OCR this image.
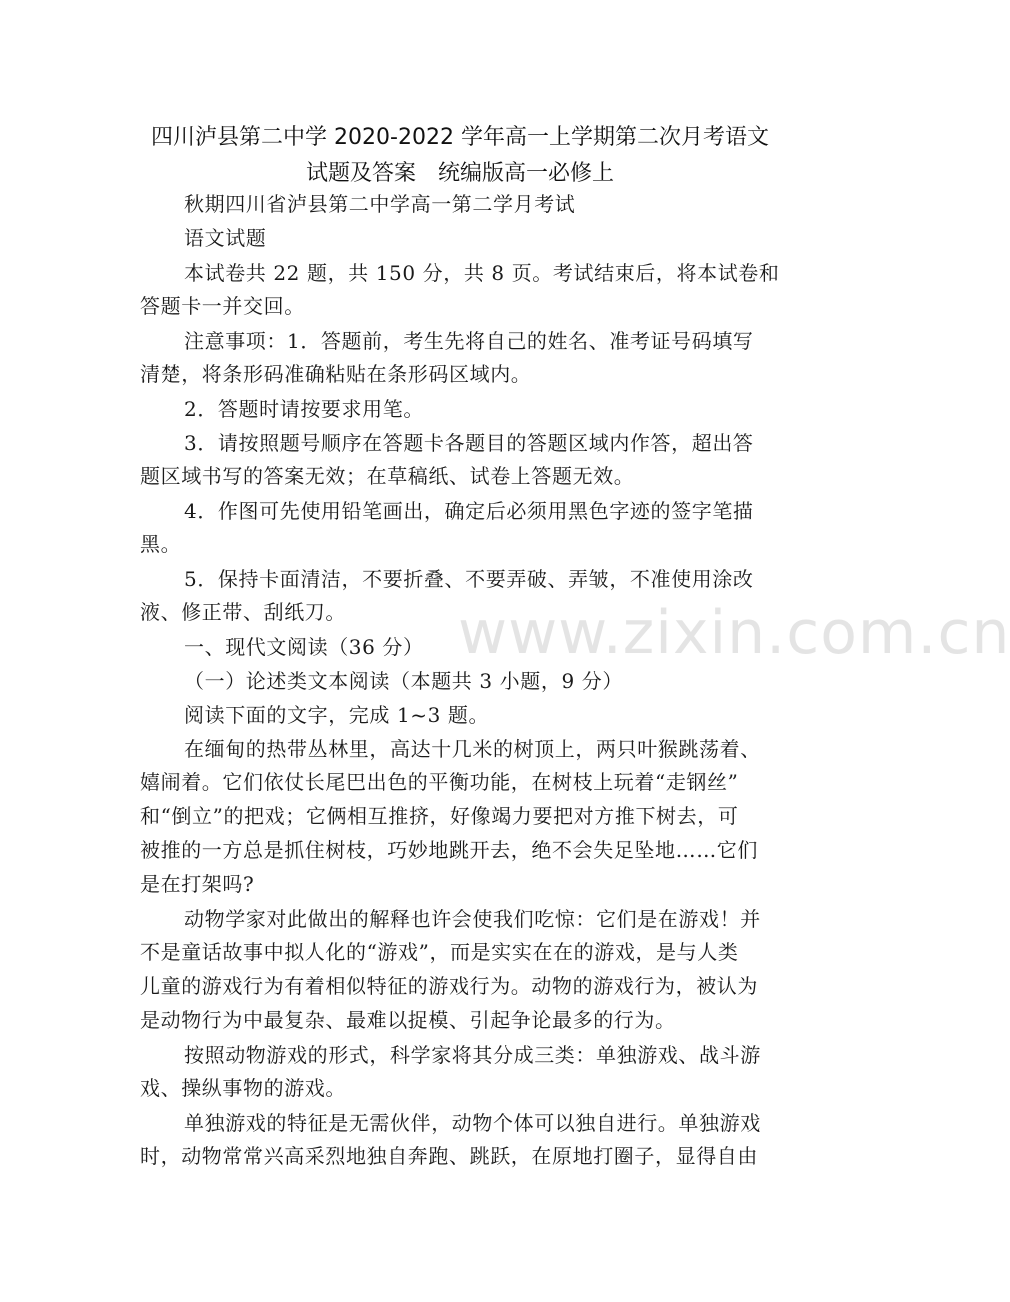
四川泸县第二中学 2020-2022 学年高一上学期第二次月考语文
试题及答案　统编版高一必修上
秋期四川省泸县第二中学高一第二学月考试
语文试题
本试卷共 22 题，共 150 分，共 8 页。考试结束后，将本试卷和
答题卡一并交回。
注意事项：1．答题前，考生先将自己的姓名、准考证号码填写
清楚，将条形码准确粘贴在条形码区域内。
2．答题时请按要求用笔。
3．请按照题号顺序在答题卡各题目的答题区域内作答，超出答
题区域书写的答案无效；在草稿纸、试卷上答题无效。
4．作图可先使用铅笔画出，确定后必须用黑色字迹的签字笔描
黑。
5．保持卡面清洁，不要折叠、不要弄破、弄皱，不准使用涂改
液、修正带、刮纸刀。
一、现代文阅读（36 分）
（一）论述类文本阅读（本题共 3 小题，9 分）
阅读下面的文字，完成 1~3 题。
在缅甸的热带丛林里，高达十几米的树顶上，两只叶猴跳荡着、
嬉闹着。它们依仗长尾巴出色的平衡功能，在树枝上玩着“走钢丝”
和“倒立”的把戏；它俩相互推挤，好像竭力要把对方推下树去，可
被推的一方总是抓住树枝，巧妙地跳开去，绝不会失足坠地……它们
是在打架吗?
动物学家对此做出的解释也许会使我们吃惊：它们是在游戏！并
不是童话故事中拟人化的“游戏”，而是实实在在的游戏，是与人类
儿童的游戏行为有着相似特征的游戏行为。动物的游戏行为，被认为
是动物行为中最复杂、最难以捉模、引起争论最多的行为。
按照动物游戏的形式，科学家将其分成三类：单独游戏、战斗游
戏、操纵事物的游戏。
单独游戏的特征是无需伙伴，动物个体可以独自进行。单独游戏
时，动物常常兴高采烈地独自奔跑、跳跃，在原地打圈子，显得自由
www.zixin.com.cn
